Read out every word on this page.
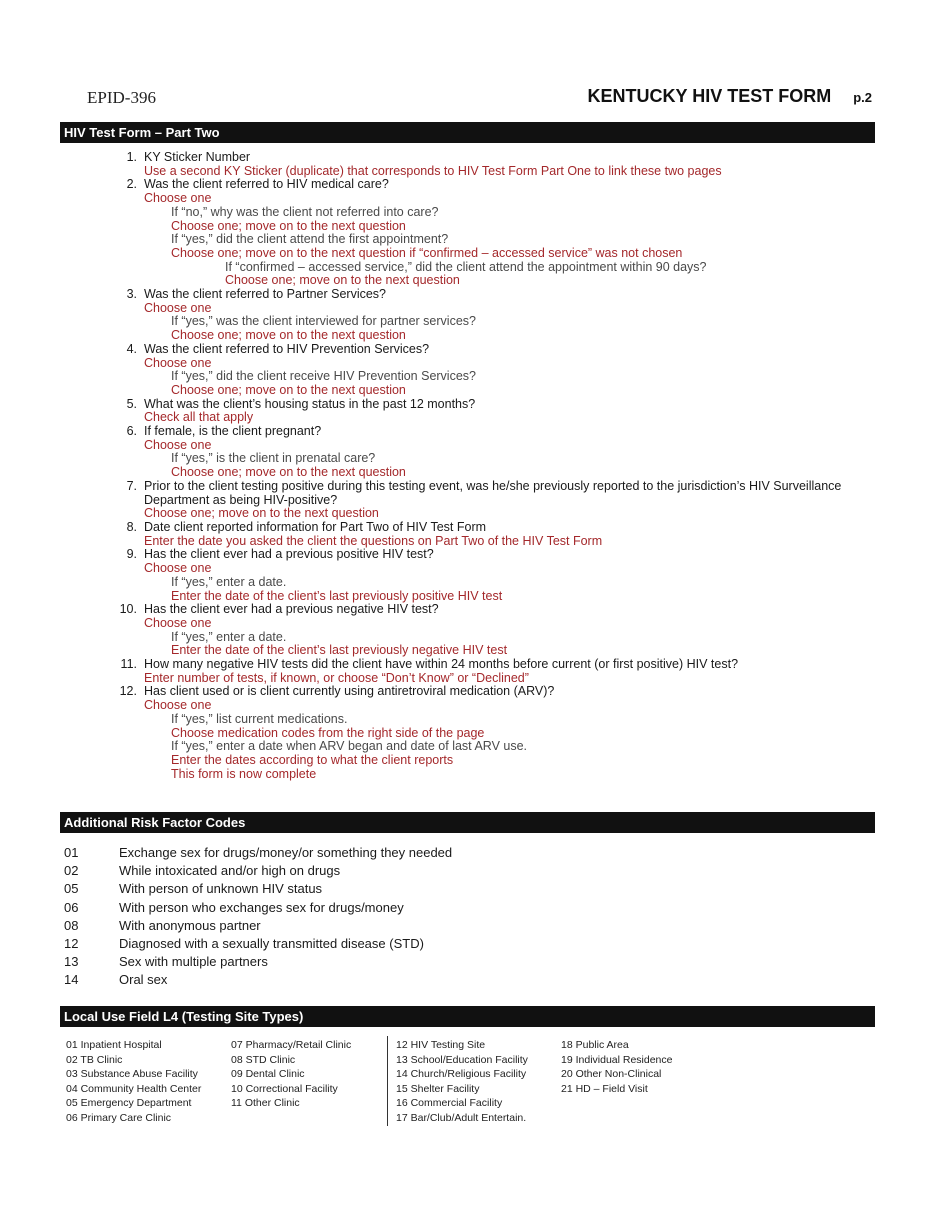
EPID-396	KENTUCKY HIV TEST FORM p.2
HIV Test Form – Part Two
1. KY Sticker Number
Use a second KY Sticker (duplicate) that corresponds to HIV Test Form Part One to link these two pages
2. Was the client referred to HIV medical care?
Choose one
If “no,” why was the client not referred into care?
Choose one; move on to the next question
If “yes,” did the client attend the first appointment?
Choose one; move on to the next question if “confirmed – accessed service” was not chosen
If “confirmed – accessed service,” did the client attend the appointment within 90 days?
Choose one; move on to the next question
3. Was the client referred to Partner Services?
Choose one
If “yes,” was the client interviewed for partner services?
Choose one; move on to the next question
4. Was the client referred to HIV Prevention Services?
Choose one
If “yes,” did the client receive HIV Prevention Services?
Choose one; move on to the next question
5. What was the client’s housing status in the past 12 months?
Check all that apply
6. If female, is the client pregnant?
Choose one
If “yes,” is the client in prenatal care?
Choose one; move on to the next question
7. Prior to the client testing positive during this testing event, was he/she previously reported to the jurisdiction’s HIV Surveillance Department as being HIV-positive?
Choose one; move on to the next question
8. Date client reported information for Part Two of HIV Test Form
Enter the date you asked the client the questions on Part Two of the HIV Test Form
9. Has the client ever had a previous positive HIV test?
Choose one
If “yes,” enter a date.
Enter the date of the client’s last previously positive HIV test
10. Has the client ever had a previous negative HIV test?
Choose one
If “yes,” enter a date.
Enter the date of the client’s last previously negative HIV test
11. How many negative HIV tests did the client have within 24 months before current (or first positive) HIV test?
Enter number of tests, if known, or choose “Don’t Know” or “Declined”
12. Has client used or is client currently using antiretroviral medication (ARV)?
Choose one
If “yes,” list current medications.
Choose medication codes from the right side of the page
If “yes,” enter a date when ARV began and date of last ARV use.
Enter the dates according to what the client reports
This form is now complete
Additional Risk Factor Codes
01	Exchange sex for drugs/money/or something they needed
02	While intoxicated and/or high on drugs
05	With person of unknown HIV status
06	With person who exchanges sex for drugs/money
08	With anonymous partner
12	Diagnosed with a sexually transmitted disease (STD)
13	Sex with multiple partners
14	Oral sex
Local Use Field L4 (Testing Site Types)
01 Inpatient Hospital
02 TB Clinic
03 Substance Abuse Facility
04 Community Health Center
05 Emergency Department
06 Primary Care Clinic
07 Pharmacy/Retail Clinic
08 STD Clinic
09 Dental Clinic
10 Correctional Facility
11 Other Clinic
12 HIV Testing Site
13 School/Education Facility
14 Church/Religious Facility
15 Shelter Facility
16 Commercial Facility
17 Bar/Club/Adult Entertain.
18 Public Area
19 Individual Residence
20 Other Non-Clinical
21 HD – Field Visit
